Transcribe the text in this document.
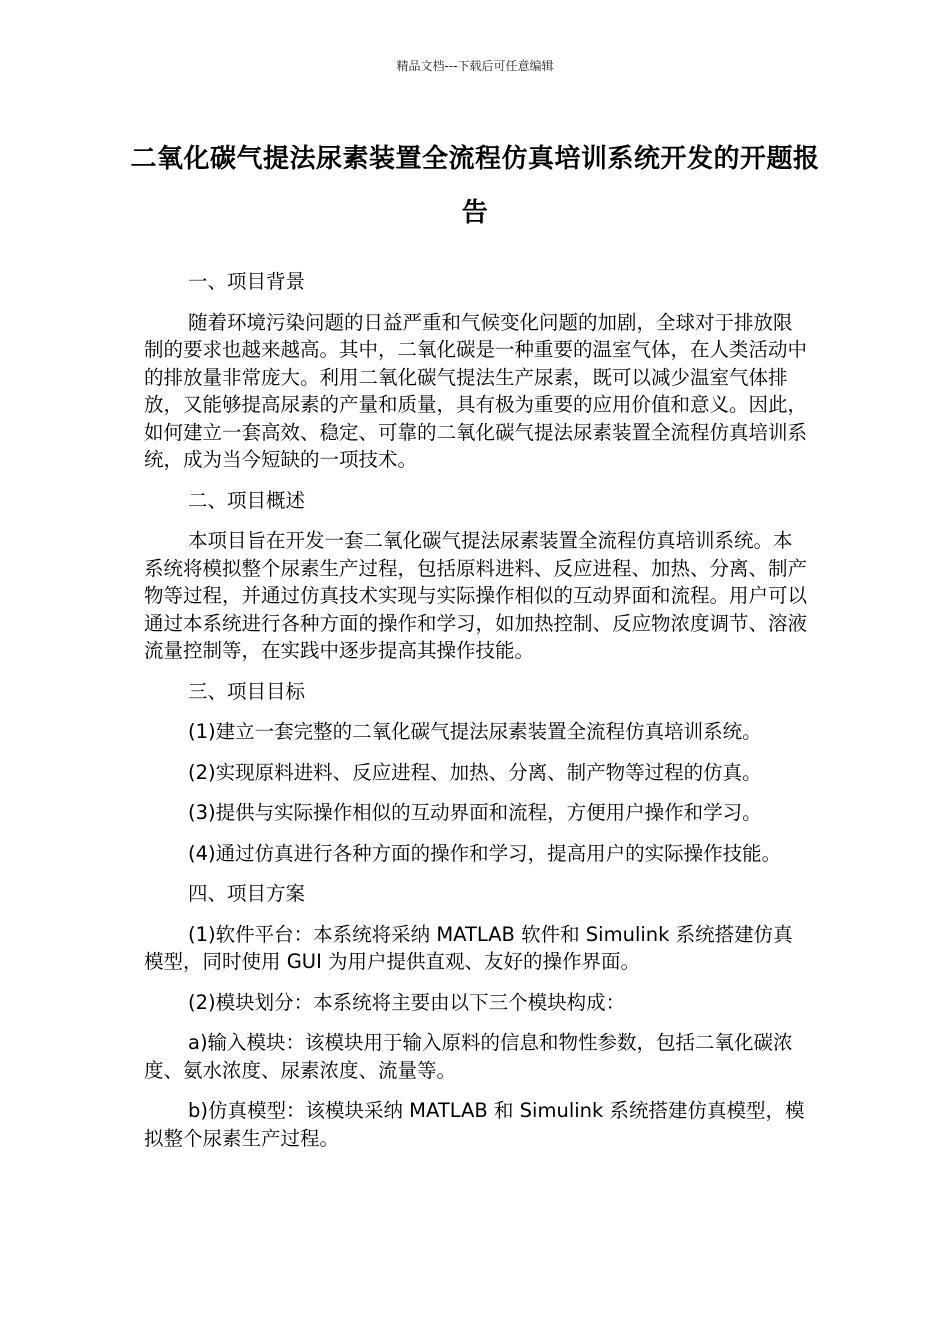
精品文档---下载后可任意编辑
二氧化碳气提法尿素装置全流程仿真培训系统开发的开题报告

一、项目背景

随着环境污染问题的日益严重和气候变化问题的加剧，全球对于排放限制的要求也越来越高。其中，二氧化碳是一种重要的温室气体，在人类活动中的排放量非常庞大。利用二氧化碳气提法生产尿素，既可以减少温室气体排放，又能够提高尿素的产量和质量，具有极为重要的应用价值和意义。因此，如何建立一套高效、稳定、可靠的二氧化碳气提法尿素装置全流程仿真培训系统，成为当今短缺的一项技术。

二、项目概述

本项目旨在开发一套二氧化碳气提法尿素装置全流程仿真培训系统。本系统将模拟整个尿素生产过程，包括原料进料、反应进程、加热、分离、制产物等过程，并通过仿真技术实现与实际操作相似的互动界面和流程。用户可以通过本系统进行各种方面的操作和学习，如加热控制、反应物浓度调节、溶液流量控制等，在实践中逐步提高其操作技能。

三、项目目标

(1)建立一套完整的二氧化碳气提法尿素装置全流程仿真培训系统。

(2)实现原料进料、反应进程、加热、分离、制产物等过程的仿真。

(3)提供与实际操作相似的互动界面和流程，方便用户操作和学习。

(4)通过仿真进行各种方面的操作和学习，提高用户的实际操作技能。

四、项目方案

(1)软件平台：本系统将采纳 MATLAB 软件和 Simulink 系统搭建仿真模型，同时使用 GUI 为用户提供直观、友好的操作界面。

(2)模块划分：本系统将主要由以下三个模块构成：

a)输入模块：该模块用于输入原料的信息和物性参数，包括二氧化碳浓度、氨水浓度、尿素浓度、流量等。

b)仿真模型：该模块采纳 MATLAB 和 Simulink 系统搭建仿真模型，模拟整个尿素生产过程。
